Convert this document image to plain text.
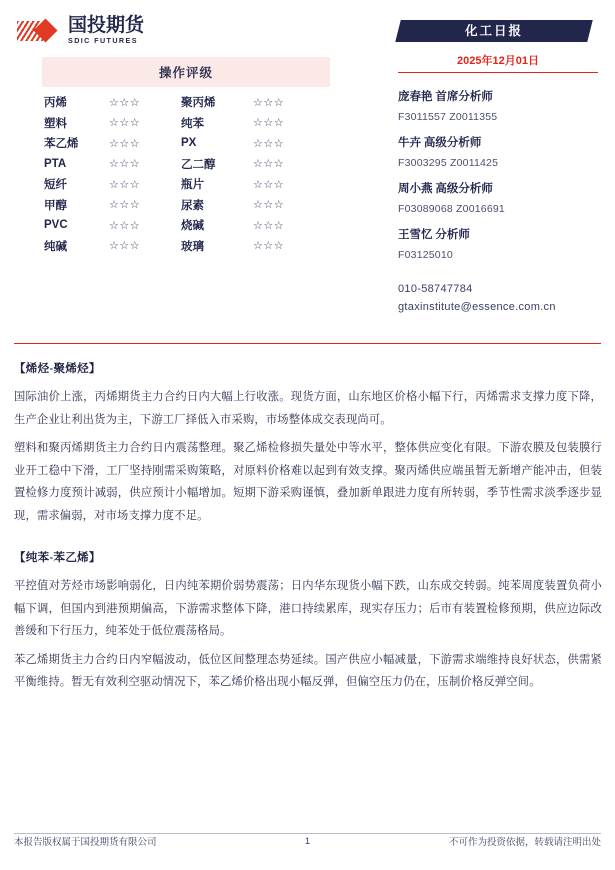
国投期货
SDIC FUTURES
操作评级
丙烯	☆☆☆	聚丙烯	☆☆☆
塑料	☆☆☆	纯苯	☆☆☆
苯乙烯	☆☆☆	PX	☆☆☆
PTA	☆☆☆	乙二醇	☆☆☆
短纤	☆☆☆	瓶片	☆☆☆
甲醇	☆☆☆	尿素	☆☆☆
PVC	☆☆☆	烧碱	☆☆☆
纯碱	☆☆☆	玻璃	☆☆☆
化工日报
2025年12月01日
庞春艳 首席分析师
F3011557 Z0011355
牛卉 高级分析师
F3003295 Z0011425
周小燕 高级分析师
F03089068 Z0016691
王雪忆 分析师
F03125010
010-58747784
gtaxinstitute@essence.com.cn
【烯烃-聚烯烃】

国际油价上涨，丙烯期货主力合约日内大幅上行收涨。现货方面，山东地区价格小幅下行，丙烯需求支撑力度下降，生产企业让利出货为主，下游工厂择低入市采购，市场整体成交表现尚可。

塑料和聚丙烯期货主力合约日内震荡整理。聚乙烯检修损失量处中等水平，整体供应变化有限。下游农膜及包装膜行业开工稳中下滑，工厂坚持刚需采购策略，对原料价格难以起到有效支撑。聚丙烯供应端虽暂无新增产能冲击，但装置检修力度预计减弱，供应预计小幅增加。短期下游采购谨慎，叠加新单跟进力度有所转弱，季节性需求淡季逐步显现，需求偏弱，对市场支撑力度不足。

【纯苯-苯乙烯】

平控值对芳烃市场影响弱化，日内纯苯期价弱势震荡；日内华东现货小幅下跌，山东成交转弱。纯苯周度装置负荷小幅下调，但国内到港预期偏高，下游需求整体下降，港口持续累库，现实存压力；后市有装置检修预期，供应边际改善缓和下行压力，纯苯处于低位震荡格局。

苯乙烯期货主力合约日内窄幅波动，低位区间整理态势延续。国产供应小幅减量，下游需求端维持良好状态，供需紧平衡维持。暂无有效利空驱动情况下，苯乙烯价格出现小幅反弹，但偏空压力仍在，压制价格反弹空间。

本报告版权属于国投期货有限公司	1	不可作为投资依据，转载请注明出处
